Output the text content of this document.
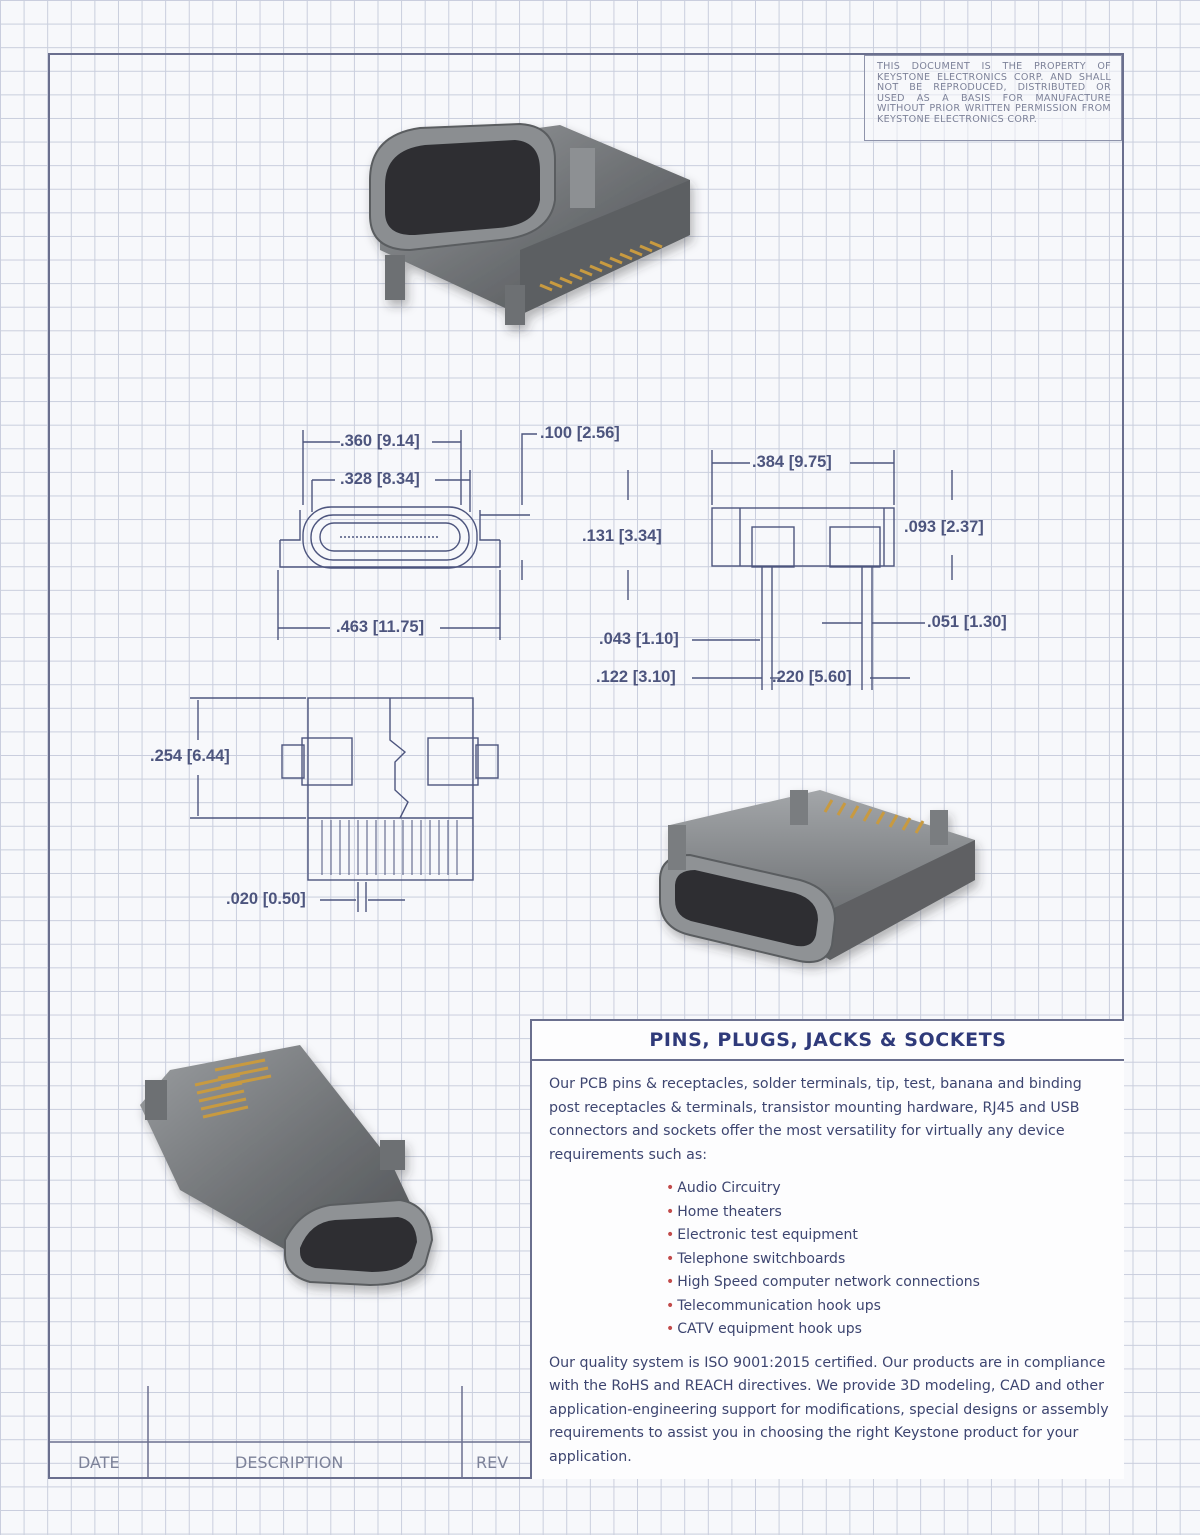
THIS DOCUMENT IS THE PROPERTY OF KEYSTONE ELECTRONICS CORP. AND SHALL NOT BE REPRODUCED, DISTRIBUTED OR USED AS A BASIS FOR MANUFACTURE WITHOUT PRIOR WRITTEN PERMISSION FROM KEYSTONE ELECTRONICS CORP.
.360 [9.14]
.328 [8.34]
.100 [2.56]
.463 [11.75]
.384 [9.75]
.131 [3.34]	.093 [2.37]
.051 [1.30]
.043 [1.10]
.122 [3.10]	.220 [5.60]
.254 [6.44]
.020 [0.50]
DATE	DESCRIPTION	REV
PINS, PLUGS, JACKS & SOCKETS

Our PCB pins & receptacles, solder terminals, tip, test, banana and binding post receptacles & terminals, transistor mounting hardware, RJ45 and USB connectors and sockets offer the most versatility for virtually any device requirements such as:

• Audio Circuitry
• Home theaters
• Electronic test equipment
• Telephone switchboards
• High Speed computer network connections
• Telecommunication hook ups
• CATV equipment hook ups

Our quality system is ISO 9001:2015 certified. Our products are in compliance with the RoHS and REACH directives. We provide 3D modeling, CAD and other application-engineering support for modifications, special designs or assembly requirements to assist you in choosing the right Keystone product for your application.
